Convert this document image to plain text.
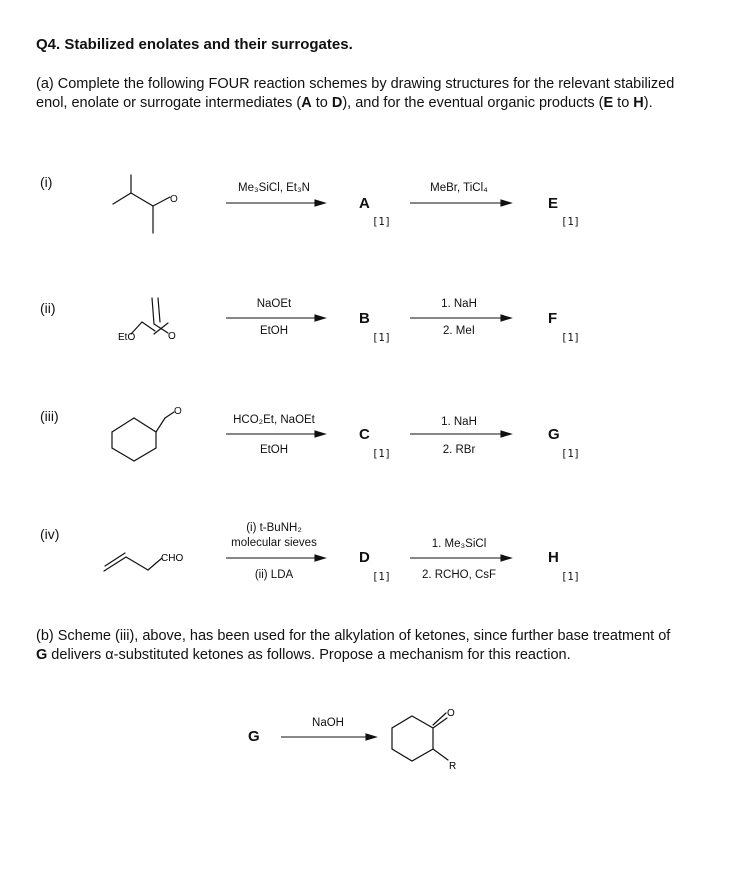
Q4. Stabilized enolates and their surrogates.
(a) Complete the following FOUR reaction schemes by drawing structures for the relevant stabilized enol, enolate or surrogate intermediates (A to D), and for the eventual organic products (E to H).
O
EtO	O
O
CHO
O
R
(i)	Me₃SiCl, Et₃N
A
[1]
MeBr, TiCl₄
E
[1]
(ii)	NaOEt
EtOH
B
[1]
1. NaH
2. MeI
F
[1]
(iii)	HCO₂Et, NaOEt
EtOH
C
[1]
1. NaH
2. RBr
G
[1]
(iv)	(i) t-BuNH₂
molecular sieves
(ii) LDA
D
[1]
1. Me₃SiCl
2. RCHO, CsF
H
[1]
(b) Scheme (iii), above, has been used for the alkylation of ketones, since further base treatment of G delivers α-substituted ketones as follows. Propose a mechanism for this reaction.
G
NaOH
